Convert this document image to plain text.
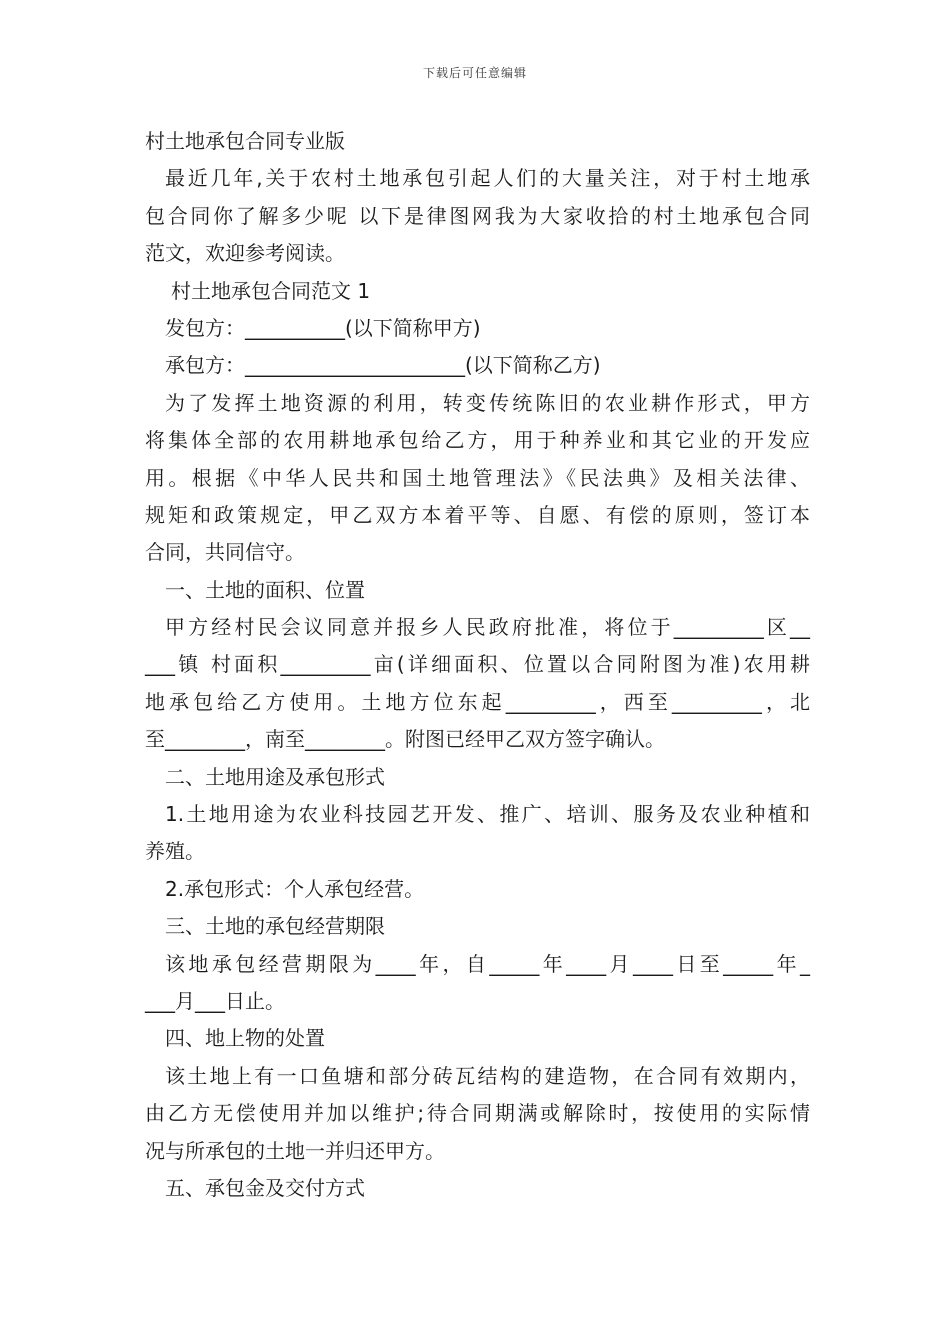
下载后可任意编辑
村土地承包合同专业版
最近几年,关于农村土地承包引起人们的大量关注，对于村土地承
包合同你了解多少呢 以下是律图网我为大家收拾的村土地承包合同
范文，欢迎参考阅读。
村土地承包合同范文 1
发包方：__________(以下简称甲方)
承包方：______________________(以下简称乙方)
为了发挥土地资源的利用，转变传统陈旧的农业耕作形式，甲方
将集体全部的农用耕地承包给乙方，用于种养业和其它业的开发应
用。根据《中华人民共和国土地管理法》《民法典》及相关法律、
规矩和政策规定，甲乙双方本着平等、自愿、有偿的原则，签订本
合同，共同信守。
一、土地的面积、位置
甲方经村民会议同意并报乡人民政府批准，将位于_________区__
___镇 村面积_________亩(详细面积、位置以合同附图为准)农用耕
地承包给乙方使用。土地方位东起_________，西至_________，北
至________，南至________。附图已经甲乙双方签字确认。
二、土地用途及承包形式
1.土地用途为农业科技园艺开发、推广、培训、服务及农业种植和
养殖。
2.承包形式：个人承包经营。
三、土地的承包经营期限
该地承包经营期限为____年，自_____年____月____日至_____年_
___月___日止。
四、地上物的处置
该土地上有一口鱼塘和部分砖瓦结构的建造物，在合同有效期内，
由乙方无偿使用并加以维护;待合同期满或解除时，按使用的实际情
况与所承包的土地一并归还甲方。
五、承包金及交付方式
